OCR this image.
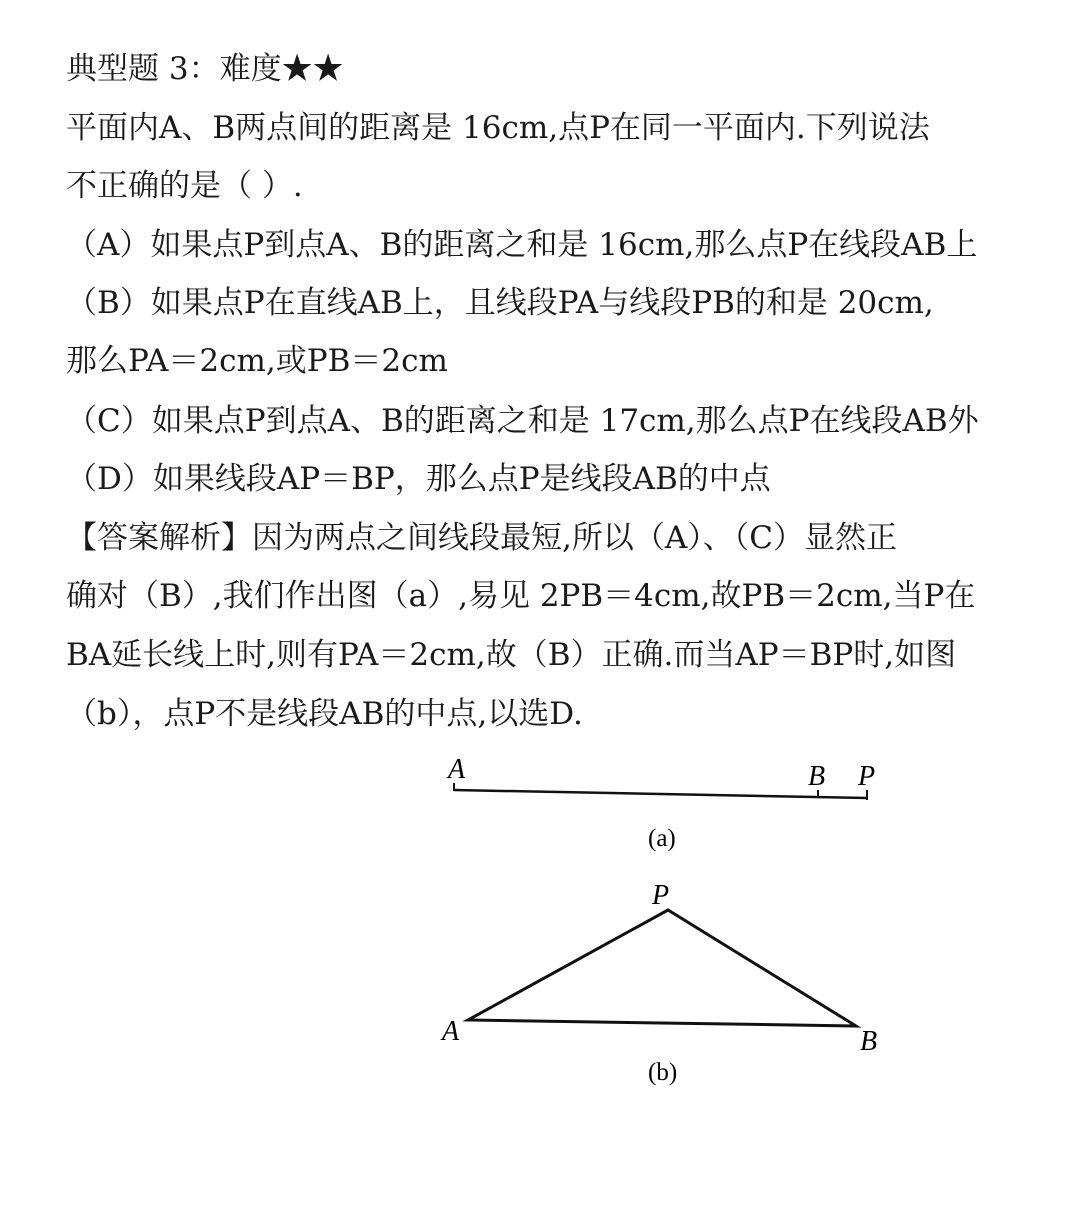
典型题 3：难度★★
平面内A、B两点间的距离是 16cm,点P在同一平面内.下列说法
不正确的是（ ）.
（A）如果点P到点A、B的距离之和是 16cm,那么点P在线段AB上
（B）如果点P在直线AB上，且线段PA与线段PB的和是 20cm,
那么PA＝2cm,或PB＝2cm
（C）如果点P到点A、B的距离之和是 17cm,那么点P在线段AB外
（D）如果线段AP＝BP，那么点P是线段AB的中点
【答案解析】因为两点之间线段最短,所以（A）、（C）显然正
确对（B）,我们作出图（a）,易见 2PB＝4cm,故PB＝2cm,当P在
BA延长线上时,则有PA＝2cm,故（B）正确.而当AP＝BP时,如图
（b），点P不是线段AB的中点,以选D.
A	B P
(a)
P
A	B
(b)
